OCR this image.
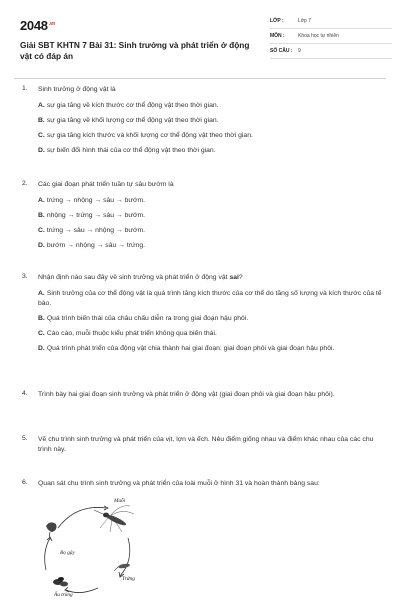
$2048^{.vn}$
Giải SBT KHTN 7 Bài 31: Sinh trưởng và phát triển ở động vật có đáp án
LỚP :	Lớp 7
MÔN :	Khoa học tự nhiên
SỐ CÂU :	9
1. Sinh trưởng ở động vật là
A. sự gia tăng về kích thước cơ thể động vật theo thời gian.
B. sự gia tăng về khối lượng cơ thể động vật theo thời gian.
C. sự gia tăng kích thước và khối lượng cơ thể động vật theo thời gian.
D. sự biến đổi hình thái của cơ thể động vật theo thời gian.
2. Các giai đoạn phát triển tuần tự sâu bướm là
A. trứng → nhộng → sâu → bướm.
B. nhộng → trứng → sâu → bướm.
C. trứng → sâu → nhộng → bướm.
D. bướm → nhộng → sâu → trứng.
3. Nhận định nào sau đây về sinh trưởng và phát triển ở động vật sai?
A. Sinh trưởng của cơ thể động vật là quá trình tăng kích thước của cơ thể do tăng số lượng và kích thước của tế bào.
B. Quá trình biến thái của châu chấu diễn ra trong giai đoạn hậu phôi.
C. Cào cào, muỗi thuộc kiểu phát triển không qua biến thái.
D. Quá trình phát triển của động vật chia thành hai giai đoạn: giai đoạn phôi và giai đoạn hậu phôi.
4. Trình bày hai giai đoạn sinh trưởng và phát triển ở động vật (giai đoạn phôi và giai đoạn hậu phôi).
5. Vẽ chu trình sinh trưởng và phát triển của vịt, lợn và ếch. Nêu điểm giống nhau và điểm khác nhau của các chu trình này.
6. Quan sát chu trình sinh trưởng và phát triển của loài muỗi ở hình 31 và hoàn thành bảng sau:
Muỗi
Bọ gậy
Trứng
Ấu trùng
